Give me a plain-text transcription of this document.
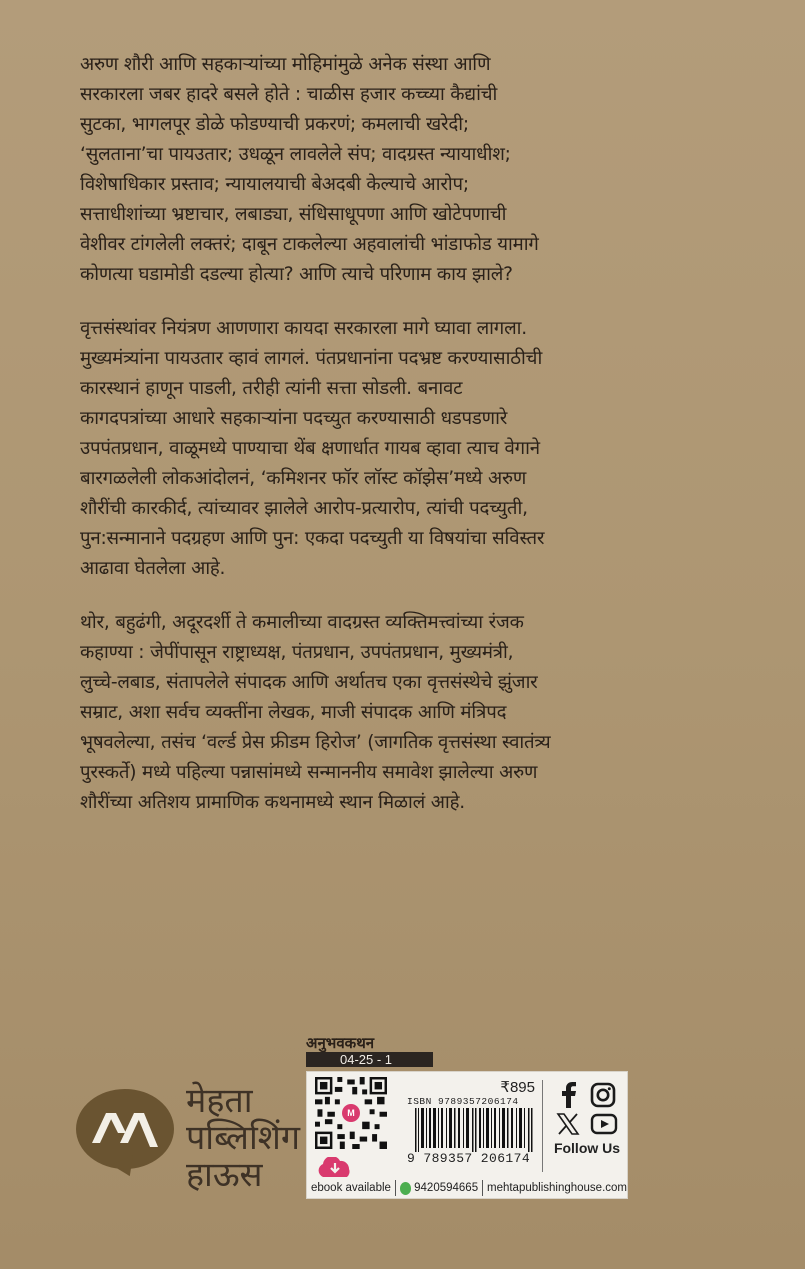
अरुण शौरी आणि सहकाऱ्यांच्या मोहिमांमुळे अनेक संस्था आणि
सरकारला जबर हादरे बसले होते : चाळीस हजार कच्च्या कैद्यांची
सुटका, भागलपूर डोळे फोडण्याची प्रकरणं; कमलाची खरेदी;
‘सुलताना’चा पायउतार; उधळून लावलेले संप; वादग्रस्त न्यायाधीश;
विशेषाधिकार प्रस्ताव; न्यायालयाची बेअदबी केल्याचे आरोप;
सत्ताधीशांच्या भ्रष्टाचार, लबाड्या, संधिसाधूपणा आणि खोटेपणाची
वेशीवर टांगलेली लक्तरं; दाबून टाकलेल्या अहवालांची भांडाफोड यामागे
कोणत्या घडामोडी दडल्या होत्या? आणि त्याचे परिणाम काय झाले?
वृत्तसंस्थांवर नियंत्रण आणणारा कायदा सरकारला मागे घ्यावा लागला.
मुख्यमंत्र्यांना पायउतार व्हावं लागलं. पंतप्रधानांना पदभ्रष्ट करण्यासाठीची
कारस्थानं हाणून पाडली, तरीही त्यांनी सत्ता सोडली. बनावट
कागदपत्रांच्या आधारे सहकाऱ्यांना पदच्युत करण्यासाठी धडपडणारे
उपपंतप्रधान, वाळूमध्ये पाण्याचा थेंब क्षणार्धात गायब व्हावा त्याच वेगाने
बारगळलेली लोकआंदोलनं, ‘कमिशनर फॉर लॉस्ट कॉझेस’मध्ये अरुण
शौरींची कारकीर्द, त्यांच्यावर झालेले आरोप-प्रत्यारोप, त्यांची पदच्युती,
पुन:सन्मानाने पदग्रहण आणि पुन: एकदा पदच्युती या विषयांचा सविस्तर
आढावा घेतलेला आहे.
थोर, बहुढंगी, अदूरदर्शी ते कमालीच्या वादग्रस्त व्यक्तिमत्त्वांच्या रंजक
कहाण्या : जेपींपासून राष्ट्राध्यक्ष, पंतप्रधान, उपपंतप्रधान, मुख्यमंत्री,
लुच्चे-लबाड, संतापलेले संपादक आणि अर्थातच एका वृत्तसंस्थेचे झुंजार
सम्राट, अशा सर्वच व्यक्तींना लेखक, माजी संपादक आणि मंत्रिपद
भूषवलेल्या, तसंच ‘वर्ल्ड प्रेस फ्रीडम हिरोज’ (जागतिक वृत्तसंस्था स्वातंत्र्य
पुरस्कर्ते) मध्ये पहिल्या पन्नासांमध्ये सन्माननीय समावेश झालेल्या अरुण
शौरींच्या अतिशय प्रामाणिक कथनामध्ये स्थान मिळालं आहे.
मेहता
पब्लिशिंग
हाऊस
अनुभवकथन
04-25 - 1
M
₹895
ISBN 9789357206174
9 789357 206174
Follow Us
ebook available 9420594665 mehtapublishinghouse.com
